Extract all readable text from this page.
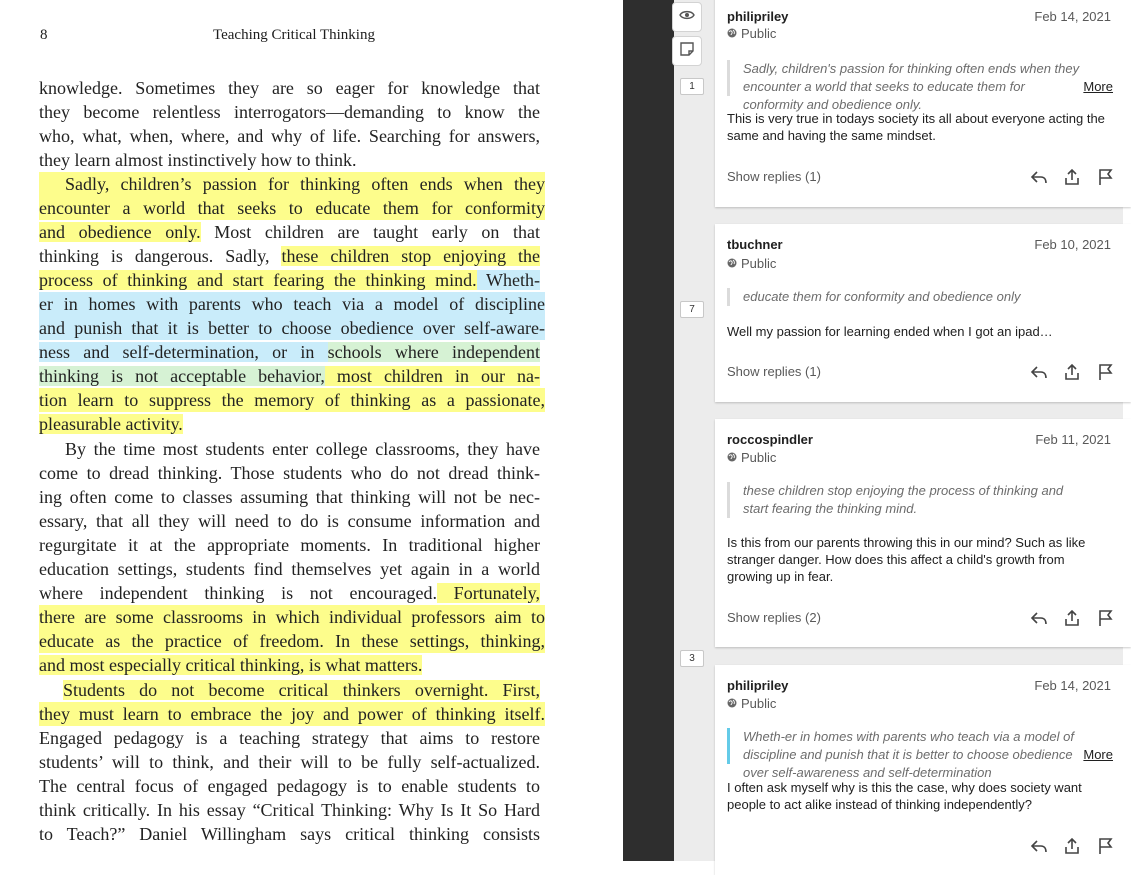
8	Teaching Critical Thinking
knowledge. Sometimes they are so eager for knowledge that
they become relentless interrogators—demanding to know the
who, what, when, where, and why of life. Searching for answers,
they learn almost instinctively how to think.
Sadly, children’s passion for thinking often ends when they
encounter a world that seeks to educate them for conformity
and obedience only. Most children are taught early on that
thinking is dangerous. Sadly, these children stop enjoying the
process of thinking and start fearing the thinking mind. Wheth-
er in homes with parents who teach via a model of discipline
and punish that it is better to choose obedience over self-aware-
ness and self-determination, or in schools where independent
thinking is not acceptable behavior, most children in our na-
tion learn to suppress the memory of thinking as a passionate,
pleasurable activity.
By the time most students enter college classrooms, they have
come to dread thinking. Those students who do not dread think-
ing often come to classes assuming that thinking will not be nec-
essary, that all they will need to do is consume information and
regurgitate it at the appropriate moments. In traditional higher
education settings, students find themselves yet again in a world
where independent thinking is not encouraged. Fortunately,
there are some classrooms in which individual professors aim to
educate as the practice of freedom. In these settings, thinking,
and most especially critical thinking, is what matters.
Students do not become critical thinkers overnight. First,
they must learn to embrace the joy and power of thinking itself.
Engaged pedagogy is a teaching strategy that aims to restore
students’ will to think, and their will to be fully self-actualized.
The central focus of engaged pedagogy is to enable students to
think critically. In his essay “Critical Thinking: Why Is It So Hard
to Teach?” Daniel Willingham says critical thinking consists
1
7
3
philipriley	Feb 14, 2021
Public
Sadly, children's passion for thinking often ends when they encounter a world that seeks to educate them for conformity and obedience only.
More
This is very true in todays society its all about everyone acting the same and having the same mindset.
Show replies (1)
tbuchner	Feb 10, 2021
Public
educate them for conformity and obedience only
Well my passion for learning ended when I got an ipad…
Show replies (1)
roccospindler	Feb 11, 2021
Public
these children stop enjoying the process of thinking and start fearing the thinking mind.
Is this from our parents throwing this in our mind? Such as like stranger danger. How does this affect a child's growth from growing up in fear.
Show replies (2)
philipriley	Feb 14, 2021
Public
Wheth-er in homes with parents who teach via a model of discipline and punish that it is better to choose obedience over self-awareness and self-determination
More
I often ask myself why is this the case, why does society want people to act alike instead of thinking independently?
